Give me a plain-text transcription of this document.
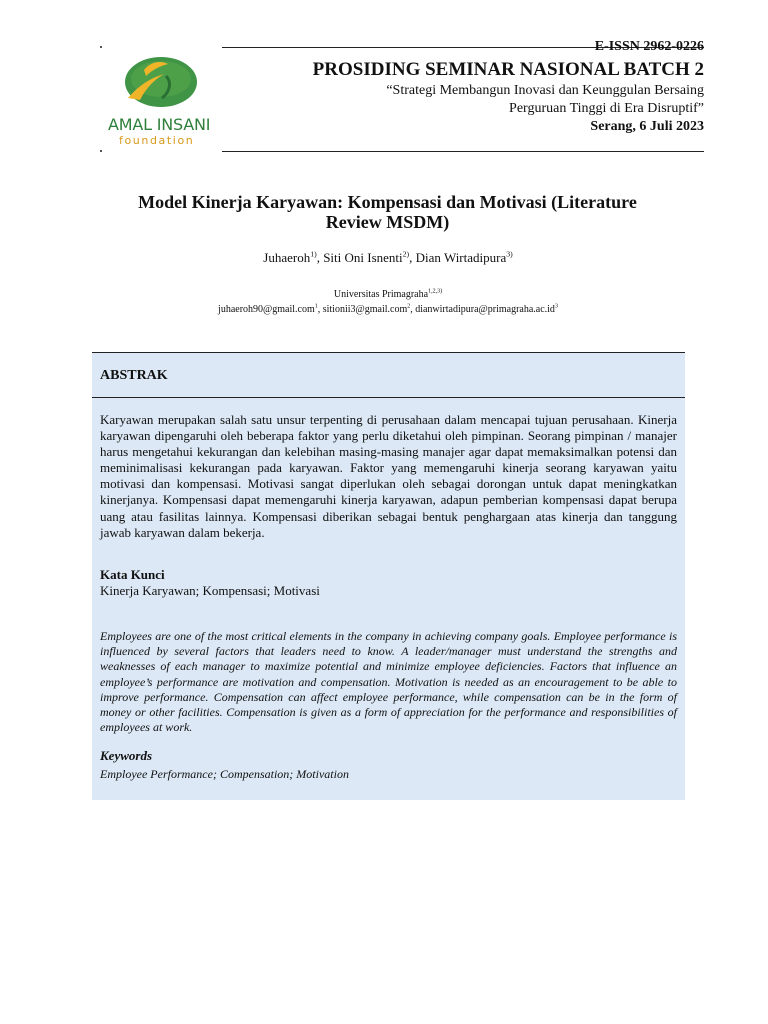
AMAL INSANI
foundation
E-ISSN 2962-0226
PROSIDING SEMINAR NASIONAL BATCH 2
“Strategi Membangun Inovasi dan Keunggulan Bersaing
Perguruan Tinggi di Era Disruptif”
Serang, 6 Juli 2023
Model Kinerja Karyawan: Kompensasi dan Motivasi (Literature Review MSDM)
Juhaeroh$^{1)}$, Siti Oni Isnenti$^{2)}$, Dian Wirtadipura$^{3)}$
Universitas Primagraha$^{1,2,3)}$
juhaeroh90@gmail.com$^1$, sitionii3@gmail.com$^2$, $dianwirtadipura@primagraha.ac.id^3$
ABSTRAK
Karyawan merupakan salah satu unsur terpenting di perusahaan dalam mencapai tujuan perusahaan. Kinerja karyawan dipengaruhi oleh beberapa faktor yang perlu diketahui oleh pimpinan. Seorang pimpinan / manajer harus mengetahui kekurangan dan kelebihan masing-masing manajer agar dapat memaksimalkan potensi dan meminimalisasi kekurangan pada karyawan. Faktor yang memengaruhi kinerja seorang karyawan yaitu motivasi dan kompensasi. Motivasi sangat diperlukan oleh sebagai dorongan untuk dapat meningkatkan kinerjanya. Kompensasi dapat memengaruhi kinerja karyawan, adapun pemberian kompensasi dapat berupa uang atau fasilitas lainnya. Kompensasi diberikan sebagai bentuk penghargaan atas kinerja dan tanggung jawab karyawan dalam bekerja.
Kata Kunci
Kinerja Karyawan; Kompensasi; Motivasi
Employees are one of the most critical elements in the company in achieving company goals. Employee performance is influenced by several factors that leaders need to know. A leader/manager must understand the strengths and weaknesses of each manager to maximize potential and minimize employee deficiencies. Factors that influence an employee’s performance are motivation and compensation. Motivation is needed as an encouragement to be able to improve performance. Compensation can affect employee performance, while compensation can be in the form of money or other facilities. Compensation is given as a form of appreciation for the performance and responsibilities of employees at work.
Keywords
Employee Performance; Compensation; Motivation
